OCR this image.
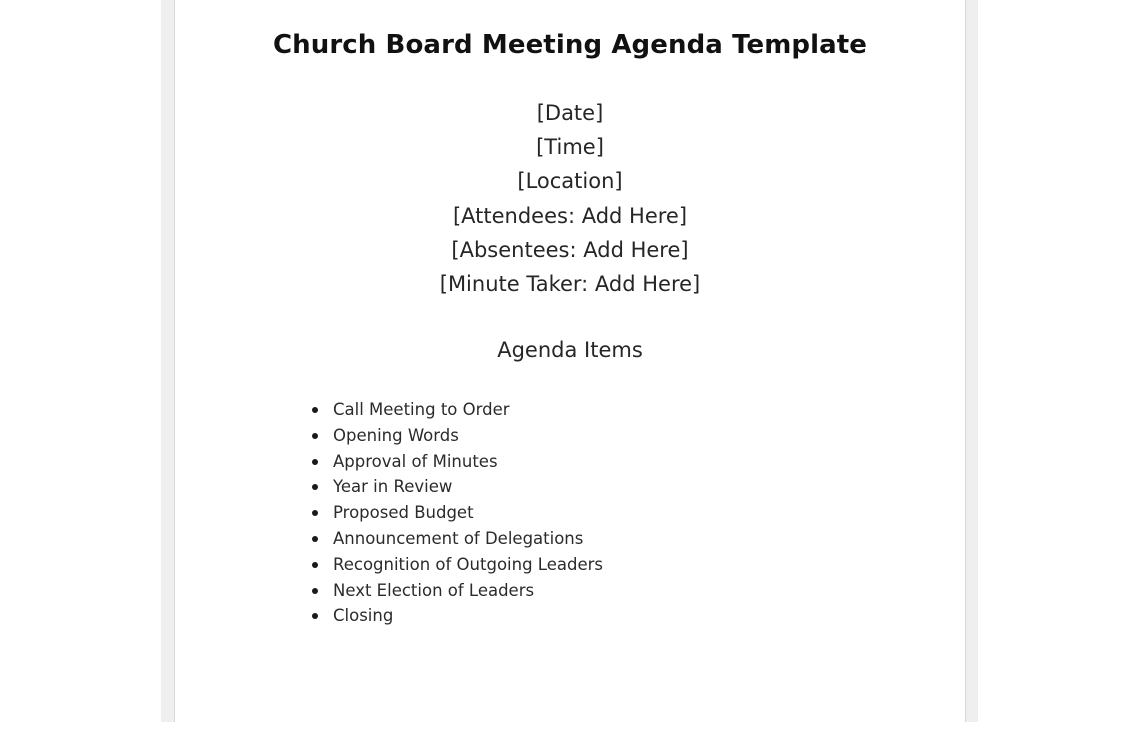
Church Board Meeting Agenda Template
[Date]
[Time]
[Location]
[Attendees: Add Here]
[Absentees: Add Here]
[Minute Taker: Add Here]
Agenda Items
Call Meeting to Order
Opening Words
Approval of Minutes
Year in Review
Proposed Budget
Announcement of Delegations
Recognition of Outgoing Leaders
Next Election of Leaders
Closing
